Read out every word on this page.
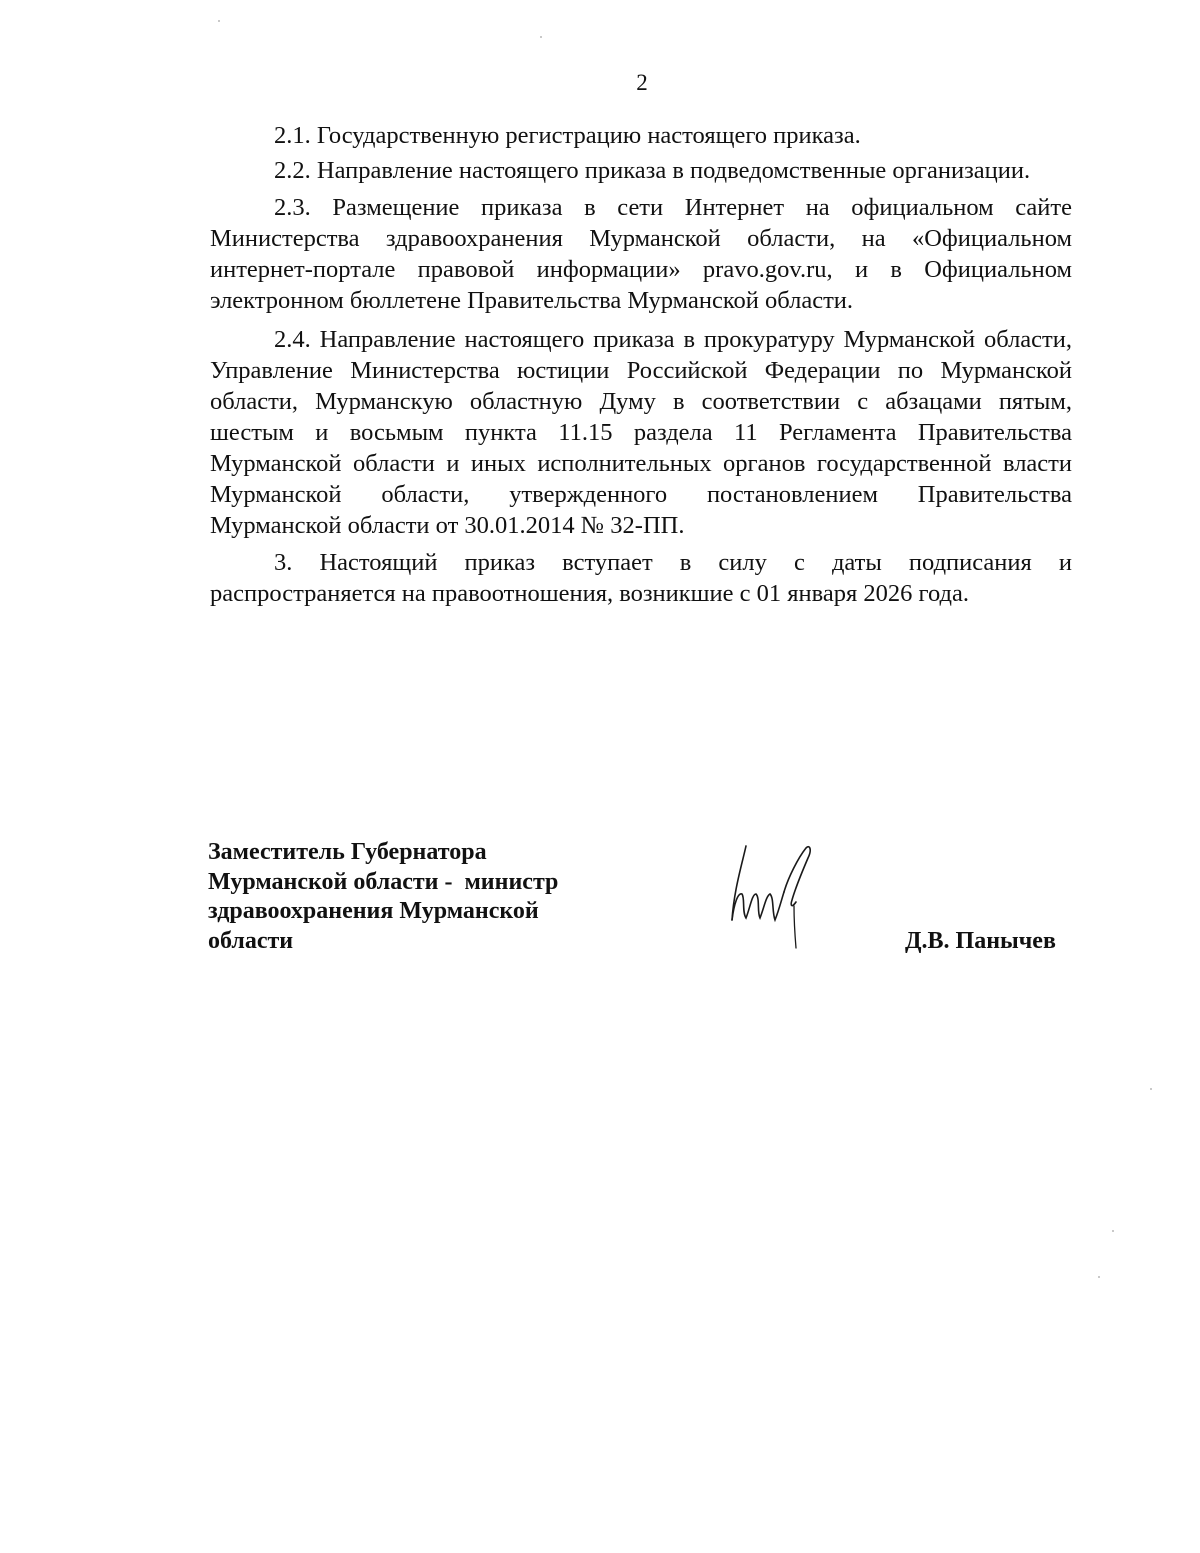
2

2.1. Государственную регистрацию настоящего приказа.

2.2. Направление настоящего приказа в подведомственные организации.

2.3. Размещение приказа в сети Интернет на официальном сайте Министерства здравоохранения Мурманской области, на «Официальном интернет-портале правовой информации» pravo.gov.ru, и в Официальном электронном бюллетене Правительства Мурманской области.

2.4. Направление настоящего приказа в прокуратуру Мурманской области, Управление Министерства юстиции Российской Федерации по Мурманской области, Мурманскую областную Думу в соответствии с абзацами пятым, шестым и восьмым пункта 11.15 раздела 11 Регламента Правительства Мурманской области и иных исполнительных органов государственной власти Мурманской области, утвержденного постановлением Правительства Мурманской области от 30.01.2014 № 32-ПП.

3. Настоящий приказ вступает в силу с даты подписания и распространяется на правоотношения, возникшие с 01 января 2026 года.

Заместитель Губернатора
Мурманской области -  министр
здравоохранения Мурманской
области	Д.В. Панычев
